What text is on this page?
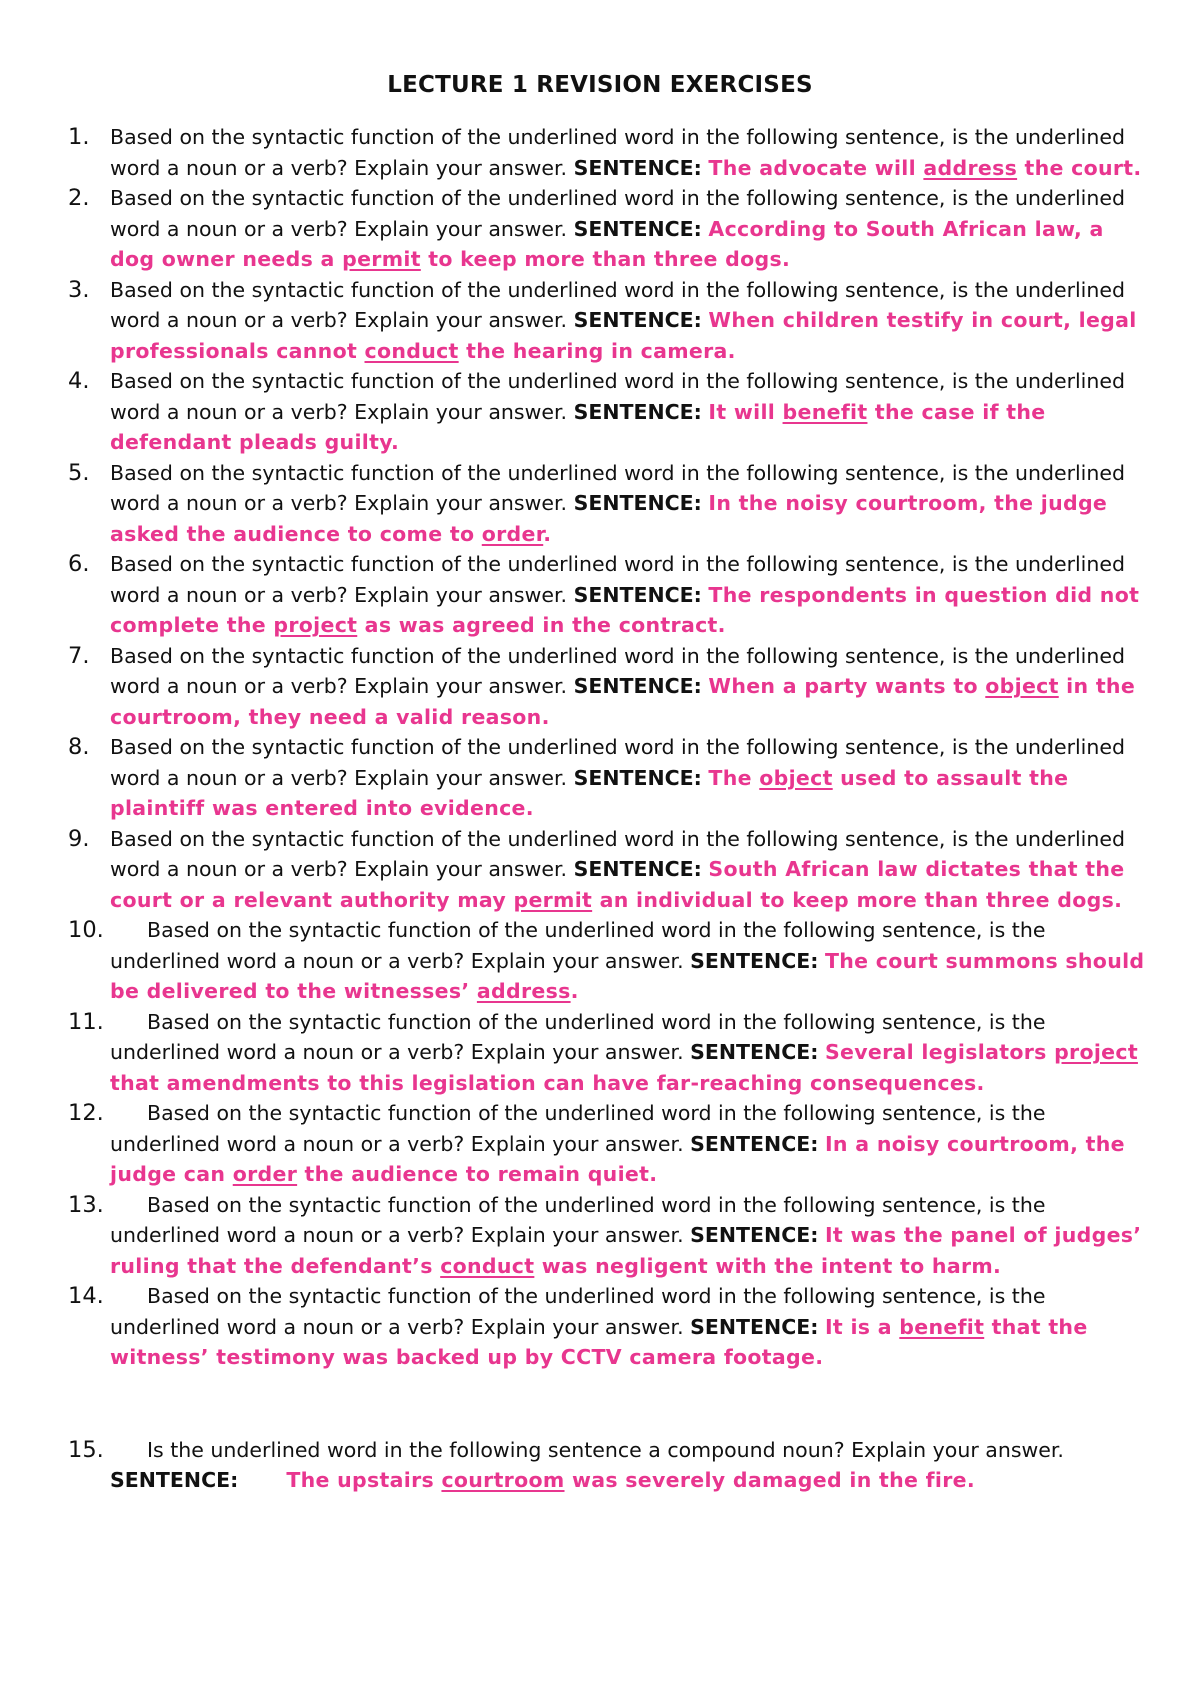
LECTURE 1 REVISION EXERCISES
1. Based on the syntactic function of the underlined word in the following sentence, is the underlined word a noun or a verb? Explain your answer. SENTENCE: The advocate will address the court.
2. Based on the syntactic function of the underlined word in the following sentence, is the underlined word a noun or a verb? Explain your answer. SENTENCE: According to South African law, a dog owner needs a permit to keep more than three dogs.
3. Based on the syntactic function of the underlined word in the following sentence, is the underlined word a noun or a verb? Explain your answer. SENTENCE: When children testify in court, legal professionals cannot conduct the hearing in camera.
4. Based on the syntactic function of the underlined word in the following sentence, is the underlined word a noun or a verb? Explain your answer. SENTENCE: It will benefit the case if the defendant pleads guilty.
5. Based on the syntactic function of the underlined word in the following sentence, is the underlined word a noun or a verb? Explain your answer. SENTENCE: In the noisy courtroom, the judge asked the audience to come to order.
6. Based on the syntactic function of the underlined word in the following sentence, is the underlined word a noun or a verb? Explain your answer. SENTENCE: The respondents in question did not complete the project as was agreed in the contract.
7. Based on the syntactic function of the underlined word in the following sentence, is the underlined word a noun or a verb? Explain your answer. SENTENCE: When a party wants to object in the courtroom, they need a valid reason.
8. Based on the syntactic function of the underlined word in the following sentence, is the underlined word a noun or a verb? Explain your answer. SENTENCE: The object used to assault the plaintiff was entered into evidence.
9. Based on the syntactic function of the underlined word in the following sentence, is the underlined word a noun or a verb? Explain your answer. SENTENCE: South African law dictates that the court or a relevant authority may permit an individual to keep more than three dogs.
10. Based on the syntactic function of the underlined word in the following sentence, is the underlined word a noun or a verb? Explain your answer. SENTENCE: The court summons should be delivered to the witnesses’ address.
11. Based on the syntactic function of the underlined word in the following sentence, is the underlined word a noun or a verb? Explain your answer. SENTENCE: Several legislators project that amendments to this legislation can have far-reaching consequences.
12. Based on the syntactic function of the underlined word in the following sentence, is the underlined word a noun or a verb? Explain your answer. SENTENCE: In a noisy courtroom, the judge can order the audience to remain quiet.
13. Based on the syntactic function of the underlined word in the following sentence, is the underlined word a noun or a verb? Explain your answer. SENTENCE: It was the panel of judges’ ruling that the defendant’s conduct was negligent with the intent to harm.
14. Based on the syntactic function of the underlined word in the following sentence, is the underlined word a noun or a verb? Explain your answer. SENTENCE: It is a benefit that the witness’ testimony was backed up by CCTV camera footage.
15. Is the underlined word in the following sentence a compound noun? Explain your answer. SENTENCE: The upstairs courtroom was severely damaged in the fire.
